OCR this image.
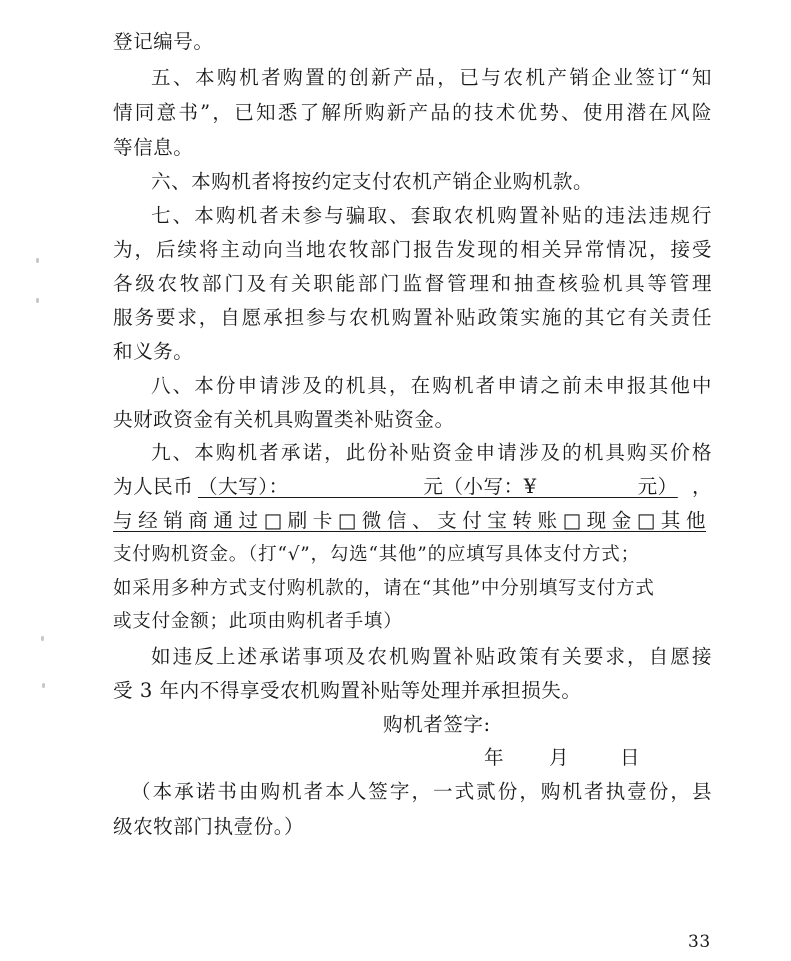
登记编号。
五、本购机者购置的创新产品，已与农机产销企业签订“知
情同意书”，已知悉了解所购新产品的技术优势、使用潜在风险
等信息。
六、本购机者将按约定支付农机产销企业购机款。
七、本购机者未参与骗取、套取农机购置补贴的违法违规行
为，后续将主动向当地农牧部门报告发现的相关异常情况，接受
各级农牧部门及有关职能部门监督管理和抽查核验机具等管理
服务要求，自愿承担参与农机购置补贴政策实施的其它有关责任
和义务。
八、本份申请涉及的机具，在购机者申请之前未申报其他中
央财政资金有关机具购置类补贴资金。
九、本购机者承诺，此份补贴资金申请涉及的机具购买价格
为人民币 （大写）：                    元（小写：¥               元） ，
与经销商通过□刷卡□微信、支付宝转账□现金□其他
支付购机资金。（打“√”，勾选“其他”的应填写具体支付方式；
如采用多种方式支付购机款的，请在“其他”中分别填写支付方式
或支付金额；此项由购机者手填）
如违反上述承诺事项及农机购置补贴政策有关要求，自愿接
受 3 年内不得享受农机购置补贴等处理并承担损失。
购机者签字:
年 月	日
（本承诺书由购机者本人签字，一式贰份，购机者执壹份，县
级农牧部门执壹份。）
33
